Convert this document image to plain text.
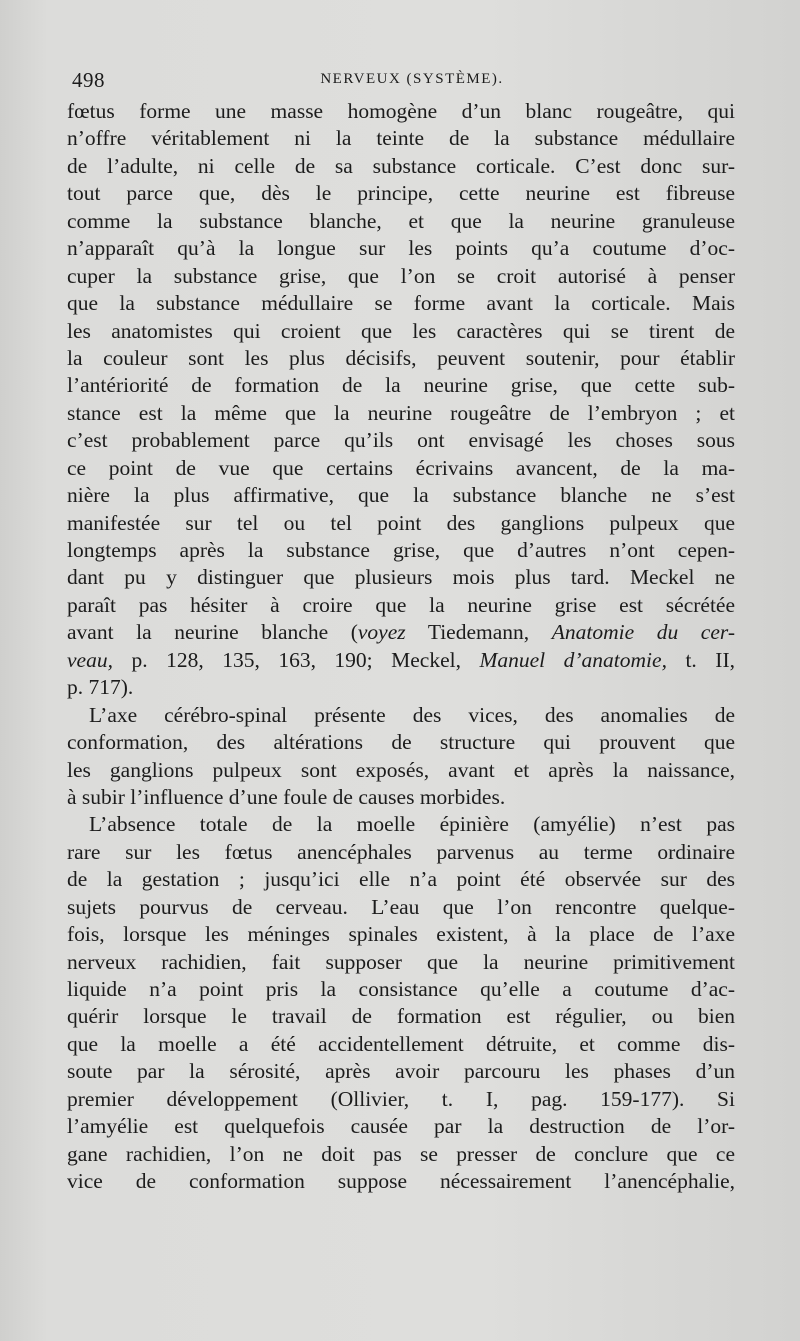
498	NERVEUX (SYSTÈME).
fœtus forme une masse homogène d’un blanc rougeâtre, qui
n’offre véritablement ni la teinte de la substance médullaire
de l’adulte, ni celle de sa substance corticale. C’est donc sur-
tout parce que, dès le principe, cette neurine est fibreuse
comme la substance blanche, et que la neurine granuleuse
n’apparaît qu’à la longue sur les points qu’a coutume d’oc-
cuper la substance grise, que l’on se croit autorisé à penser
que la substance médullaire se forme avant la corticale. Mais
les anatomistes qui croient que les caractères qui se tirent de
la couleur sont les plus décisifs, peuvent soutenir, pour établir
l’antériorité de formation de la neurine grise, que cette sub-
stance est la même que la neurine rougeâtre de l’embryon ; et
c’est probablement parce qu’ils ont envisagé les choses sous
ce point de vue que certains écrivains avancent, de la ma-
nière la plus affirmative, que la substance blanche ne s’est
manifestée sur tel ou tel point des ganglions pulpeux que
longtemps après la substance grise, que d’autres n’ont cepen-
dant pu y distinguer que plusieurs mois plus tard. Meckel ne
paraît pas hésiter à croire que la neurine grise est sécrétée
avant la neurine blanche (voyez Tiedemann, Anatomie du cer-
veau, p. 128, 135, 163, 190; Meckel, Manuel d’anatomie, t. II,
p. 717).
L’axe cérébro-spinal présente des vices, des anomalies de
conformation, des altérations de structure qui prouvent que
les ganglions pulpeux sont exposés, avant et après la naissance,
à subir l’influence d’une foule de causes morbides.
L’absence totale de la moelle épinière (amyélie) n’est pas
rare sur les fœtus anencéphales parvenus au terme ordinaire
de la gestation ; jusqu’ici elle n’a point été observée sur des
sujets pourvus de cerveau. L’eau que l’on rencontre quelque-
fois, lorsque les méninges spinales existent, à la place de l’axe
nerveux rachidien, fait supposer que la neurine primitivement
liquide n’a point pris la consistance qu’elle a coutume d’ac-
quérir lorsque le travail de formation est régulier, ou bien
que la moelle a été accidentellement détruite, et comme dis-
soute par la sérosité, après avoir parcouru les phases d’un
premier développement (Ollivier, t. I, pag. 159-177). Si
l’amyélie est quelquefois causée par la destruction de l’or-
gane rachidien, l’on ne doit pas se presser de conclure que ce
vice de conformation suppose nécessairement l’anencéphalie,
